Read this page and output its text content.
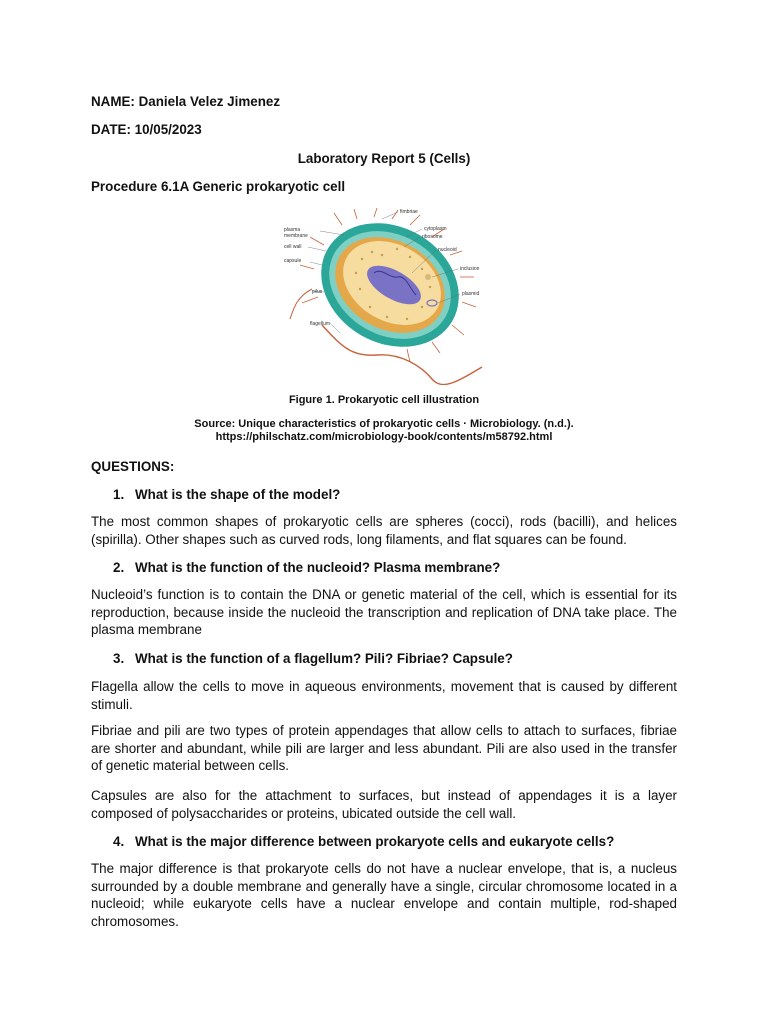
NAME: Daniela Velez Jimenez
DATE: 10/05/2023
Laboratory Report 5 (Cells)
Procedure 6.1A Generic prokaryotic cell
fimbriae
plasma
membrane
cell wall
capsule
cytoplasm
ribosome
nucleoid
inclusion
plasmid
pilus
flagellum
Figure 1. Prokaryotic cell illustration
Source: Unique characteristics of prokaryotic cells · Microbiology. (n.d.).
https://philschatz.com/microbiology-book/contents/m58792.html
QUESTIONS:
1. What is the shape of the model?

The most common shapes of prokaryotic cells are spheres (cocci), rods (bacilli), and helices (spirilla). Other shapes such as curved rods, long filaments, and flat squares can be found.

2. What is the function of the nucleoid? Plasma membrane?

Nucleoid’s function is to contain the DNA or genetic material of the cell, which is essential for its reproduction, because inside the nucleoid the transcription and replication of DNA take place. The plasma membrane

3. What is the function of a flagellum? Pili? Fibriae? Capsule?

Flagella allow the cells to move in aqueous environments, movement that is caused by different stimuli.

Fibriae and pili are two types of protein appendages that allow cells to attach to surfaces, fibriae are shorter and abundant, while pili are larger and less abundant. Pili are also used in the transfer of genetic material between cells.

Capsules are also for the attachment to surfaces, but instead of appendages it is a layer composed of polysaccharides or proteins, ubicated outside the cell wall.

4. What is the major difference between prokaryote cells and eukaryote cells?

The major difference is that prokaryote cells do not have a nuclear envelope, that is, a nucleus surrounded by a double membrane and generally have a single, circular chromosome located in a nucleoid; while eukaryote cells have a nuclear envelope and contain multiple, rod-shaped chromosomes.
